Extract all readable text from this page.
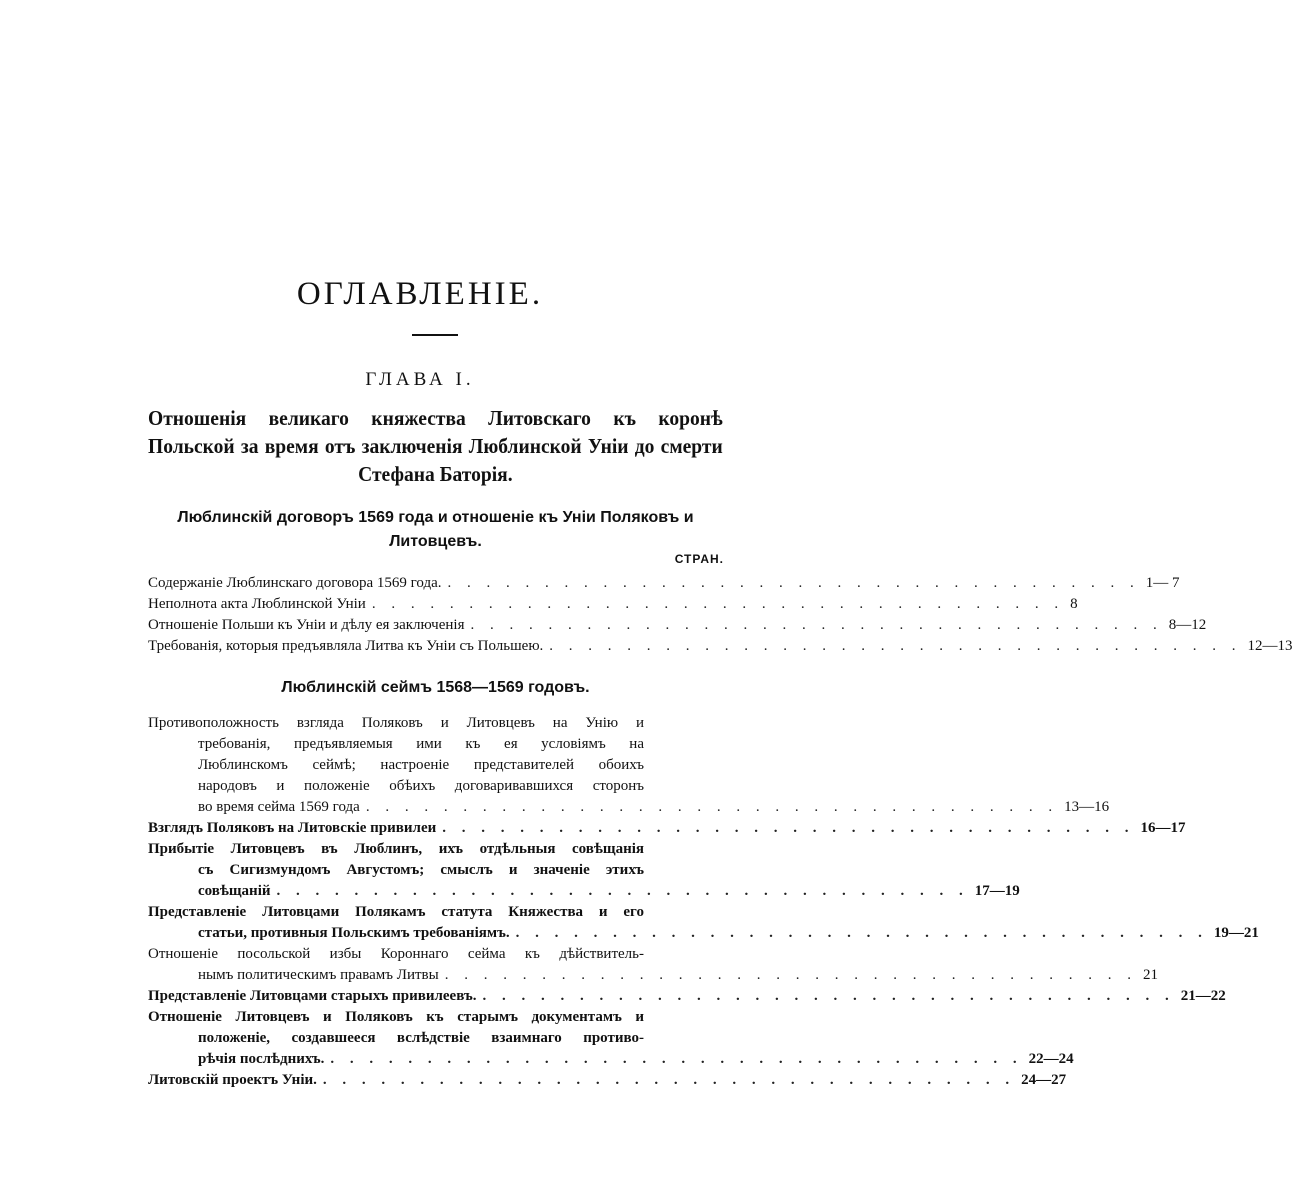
ОГЛАВЛЕНІЕ.
ГЛАВА I.
Отношенія великаго княжества Литовскаго къ коронѣ Польской за время отъ заключенія Люблинской Уніи до смерти Стефана Баторія.
Люблинскій договоръ 1569 года и отношеніе къ Уніи Поляковъ и Литовцевъ.
СТРАН.
Содержаніе Люблинскаго договора 1569 года. . . . . . . . . . . . . . . . . . . . . . . . . . . . . . . . . . . . . 1— 7
Неполнота акта Люблинской Уніи . . . . . . . . . . . . . . . . . . . . . . . . . . . . . . . . . . . . 8
Отношеніе Польши къ Уніи и дѣлу ея заключенія . . . . . . . . . . . . . . . . . . . . . . . . . . . . . . . . . . . . 8—12
Требованія, которыя предъявляла Литва къ Уніи съ Польшею. . . . . . . . . . . . . . . . . . . . . . . . . . . . . . . . . . . . . 12—13
Люблинскій сеймъ 1568—1569 годовъ.
Противоположность взгляда Поляковъ и Литовцевъ на Унію и
требованія, предъявляемыя ими къ ея условіямъ на
Люблинскомъ сеймѣ; настроеніе представителей обоихъ
народовъ и положеніе обѣихъ договаривавшихся сторонъ
во время сейма 1569 года . . . . . . . . . . . . . . . . . . . . . . . . . . . . . . . . . . . . 13—16
Взглядъ Поляковъ на Литовскіе привилеи . . . . . . . . . . . . . . . . . . . . . . . . . . . . . . . . . . . . 16—17
Прибытіе Литовцевъ въ Люблинъ, ихъ отдѣльныя совѣщанія
съ Сигизмундомъ Августомъ; смыслъ и значеніе этихъ
совѣщаній . . . . . . . . . . . . . . . . . . . . . . . . . . . . . . . . . . . . 17—19
Представленіе Литовцами Полякамъ статута Княжества и его
статьи, противныя Польскимъ требованіямъ. . . . . . . . . . . . . . . . . . . . . . . . . . . . . . . . . . . . . 19—21
Отношеніе посольской избы Короннаго сейма къ дѣйствитель-
нымъ политическимъ правамъ Литвы . . . . . . . . . . . . . . . . . . . . . . . . . . . . . . . . . . . . 21
Представленіе Литовцами старыхъ привилеевъ. . . . . . . . . . . . . . . . . . . . . . . . . . . . . . . . . . . . . 21—22
Отношеніе Литовцевъ и Поляковъ къ старымъ документамъ и
положеніе, создавшееся вслѣдствіе взаимнаго противо-
рѣчія послѣднихъ. . . . . . . . . . . . . . . . . . . . . . . . . . . . . . . . . . . . . 22—24
Литовскій проектъ Уніи. . . . . . . . . . . . . . . . . . . . . . . . . . . . . . . . . . . . . 24—27
